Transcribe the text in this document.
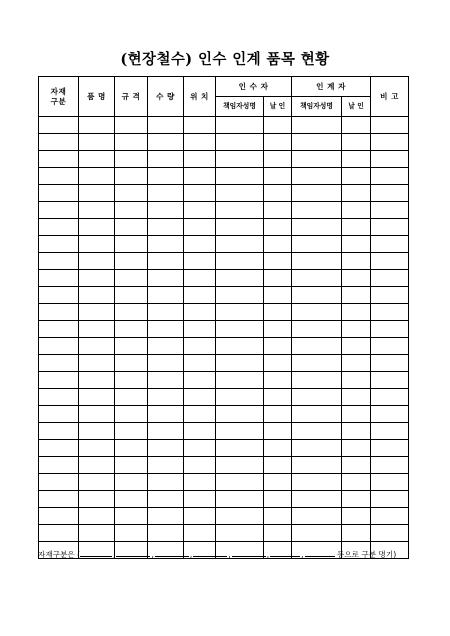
(현장철수) 인수 인계 품목 현황
자재
구분	품 명	규 격	수 량	위 치	인 수 자		인 계 자		비 고
					책임자성명	날 인	책임자성명	날 인	

자재구분은 (	,	,	,	,	,	,	등으로 구분 명기)
